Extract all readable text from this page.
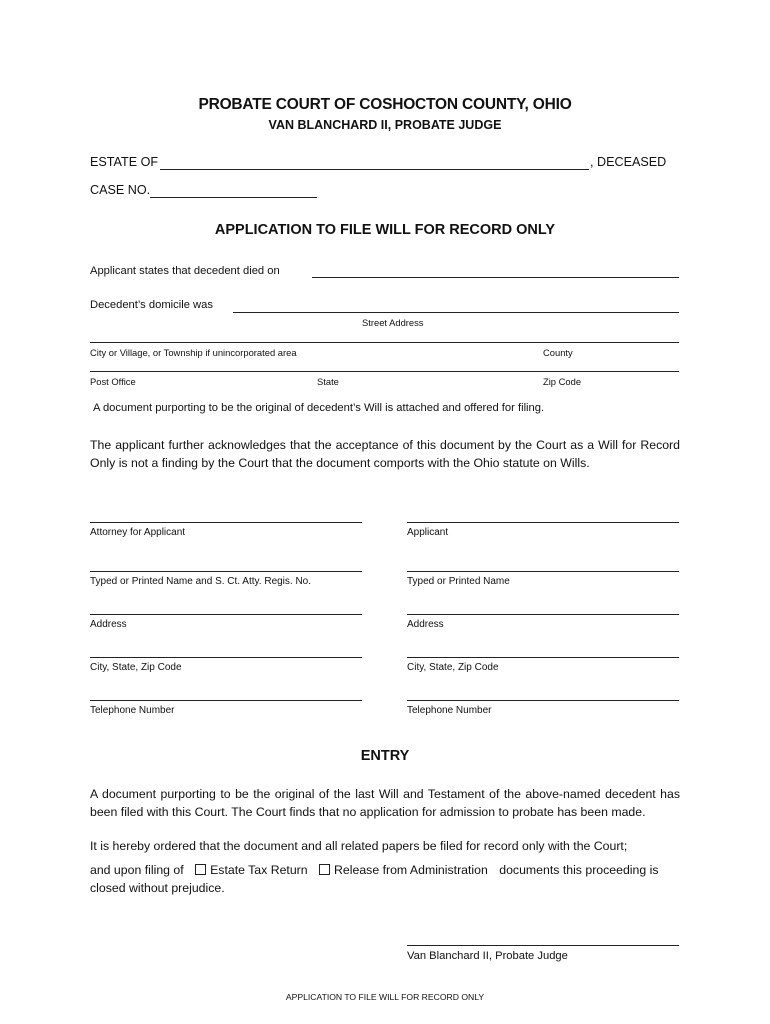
PROBATE COURT OF COSHOCTON COUNTY, OHIO
VAN BLANCHARD II, PROBATE JUDGE
ESTATE OF	, DECEASED
CASE NO.
APPLICATION TO FILE WILL FOR RECORD ONLY
Applicant states that decedent died on
Decedent’s domicile was
Street Address
City or Village, or Township if unincorporated area	County
Post Office	State	Zip Code
A document purporting to be the original of decedent’s Will is attached and offered for filing.
The applicant further acknowledges that the acceptance of this document by the Court as a Will for Record Only is not a finding by the Court that the document comports with the Ohio statute on Wills.
Attorney for Applicant
Typed or Printed Name and S. Ct. Atty. Regis. No.
Address
City, State, Zip Code
Telephone Number
Applicant
Typed or Printed Name
Address
City, State, Zip Code
Telephone Number
ENTRY
A document purporting to be the original of the last Will and Testament of the above-named decedent has been filed with this Court. The Court finds that no application for admission to probate has been made.
It is hereby ordered that the document and all related papers be filed for record only with the Court;
and upon filing of Estate Tax Return Release from Administration documents this proceeding is
closed without prejudice.
Van Blanchard II, Probate Judge
APPLICATION TO FILE WILL FOR RECORD ONLY
